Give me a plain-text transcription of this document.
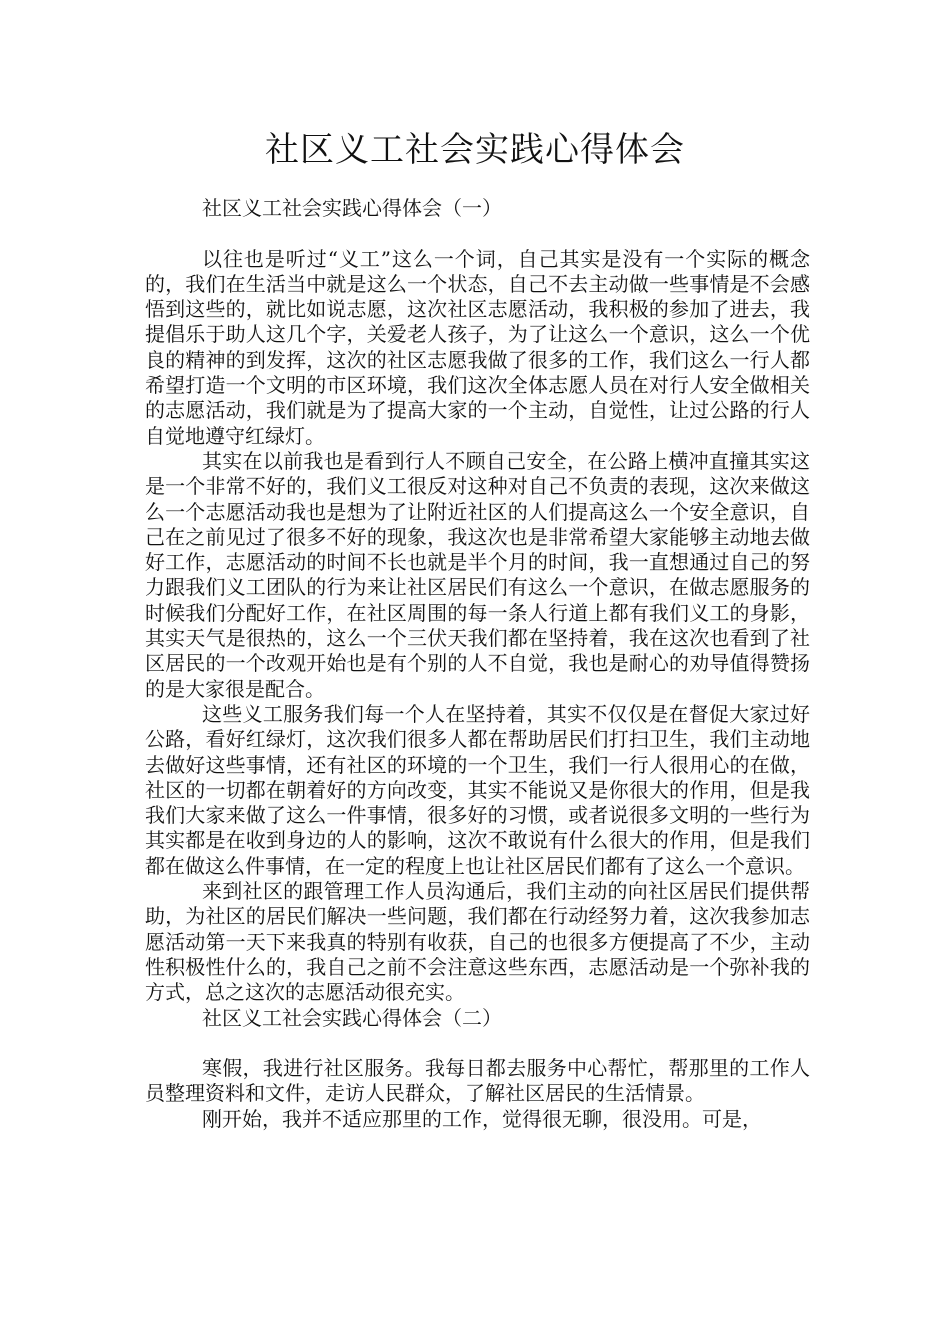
社区义工社会实践心得体会

社区义工社会实践心得体会（一）

以往也是听过“义工”这么一个词，自己其实是没有一个实际的概念的，我们在生活当中就是这么一个状态，自己不去主动做一些事情是不会感悟到这些的，就比如说志愿，这次社区志愿活动，我积极的参加了进去，我提倡乐于助人这几个字，关爱老人孩子，为了让这么一个意识，这么一个优良的精神的到发挥，这次的社区志愿我做了很多的工作，我们这么一行人都希望打造一个文明的市区环境，我们这次全体志愿人员在对行人安全做相关的志愿活动，我们就是为了提高大家的一个主动，自觉性，让过公路的行人自觉地遵守红绿灯。

其实在以前我也是看到行人不顾自己安全，在公路上横冲直撞其实这是一个非常不好的，我们义工很反对这种对自己不负责的表现，这次来做这么一个志愿活动我也是想为了让附近社区的人们提高这么一个安全意识，自己在之前见过了很多不好的现象，我这次也是非常希望大家能够主动地去做好工作，志愿活动的时间不长也就是半个月的时间，我一直想通过自己的努力跟我们义工团队的行为来让社区居民们有这么一个意识，在做志愿服务的时候我们分配好工作，在社区周围的每一条人行道上都有我们义工的身影，其实天气是很热的，这么一个三伏天我们都在坚持着，我在这次也看到了社区居民的一个改观开始也是有个别的人不自觉，我也是耐心的劝导值得赞扬的是大家很是配合。

这些义工服务我们每一个人在坚持着，其实不仅仅是在督促大家过好公路，看好红绿灯，这次我们很多人都在帮助居民们打扫卫生，我们主动地去做好这些事情，还有社区的环境的一个卫生，我们一行人很用心的在做，社区的一切都在朝着好的方向改变，其实不能说又是你很大的作用，但是我我们大家来做了这么一件事情，很多好的习惯，或者说很多文明的一些行为其实都是在收到身边的人的影响，这次不敢说有什么很大的作用，但是我们都在做这么件事情，在一定的程度上也让社区居民们都有了这么一个意识。

来到社区的跟管理工作人员沟通后，我们主动的向社区居民们提供帮助，为社区的居民们解决一些问题，我们都在行动经努力着，这次我参加志愿活动第一天下来我真的特别有收获，自己的也很多方便提高了不少，主动性积极性什么的，我自己之前不会注意这些东西，志愿活动是一个弥补我的方式，总之这次的志愿活动很充实。

社区义工社会实践心得体会（二）

寒假，我进行社区服务。我每日都去服务中心帮忙，帮那里的工作人员整理资料和文件，走访人民群众，了解社区居民的生活情景。

刚开始，我并不适应那里的工作，觉得很无聊，很没用。可是，
